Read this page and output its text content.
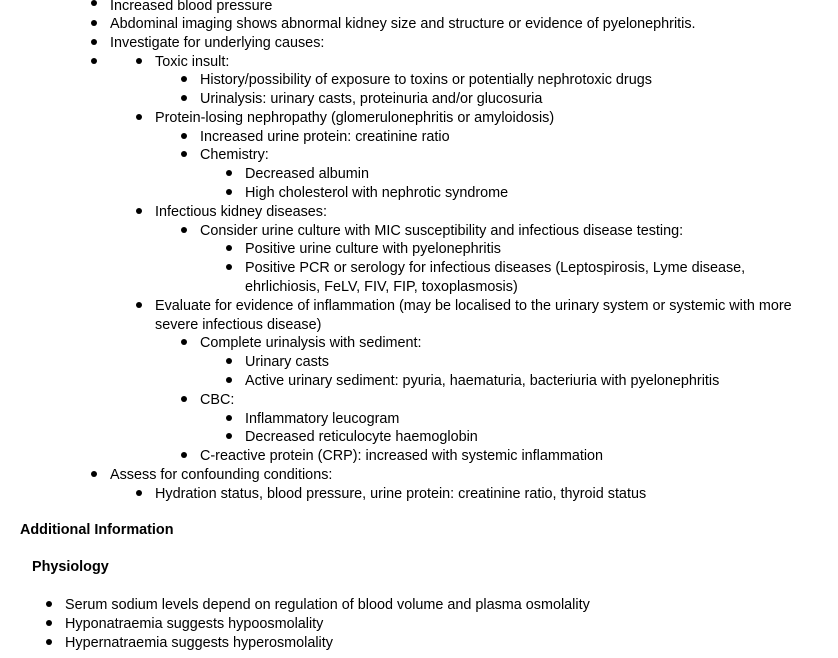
Increased blood pressure
Abdominal imaging shows abnormal kidney size and structure or evidence of pyelonephritis.
Investigate for underlying causes:
Toxic insult:
History/possibility of exposure to toxins or potentially nephrotoxic drugs
Urinalysis: urinary casts, proteinuria and/or glucosuria
Protein-losing nephropathy (glomerulonephritis or amyloidosis)
Increased urine protein: creatinine ratio
Chemistry:
Decreased albumin
High cholesterol with nephrotic syndrome
Infectious kidney diseases:
Consider urine culture with MIC susceptibility and infectious disease testing:
Positive urine culture with pyelonephritis
Positive PCR or serology for infectious diseases (Leptospirosis, Lyme disease,
ehrlichiosis, FeLV, FIV, FIP, toxoplasmosis)
Evaluate for evidence of inflammation (may be localised to the urinary system or systemic with more
severe infectious disease)
Complete urinalysis with sediment:
Urinary casts
Active urinary sediment: pyuria, haematuria, bacteriuria with pyelonephritis
CBC:
Inflammatory leucogram
Decreased reticulocyte haemoglobin
C-reactive protein (CRP): increased with systemic inflammation
Assess for confounding conditions:
Hydration status, blood pressure, urine protein: creatinine ratio, thyroid status
Additional Information
Physiology
Serum sodium levels depend on regulation of blood volume and plasma osmolality
Hyponatraemia suggests hypoosmolality
Hypernatraemia suggests hyperosmolality
